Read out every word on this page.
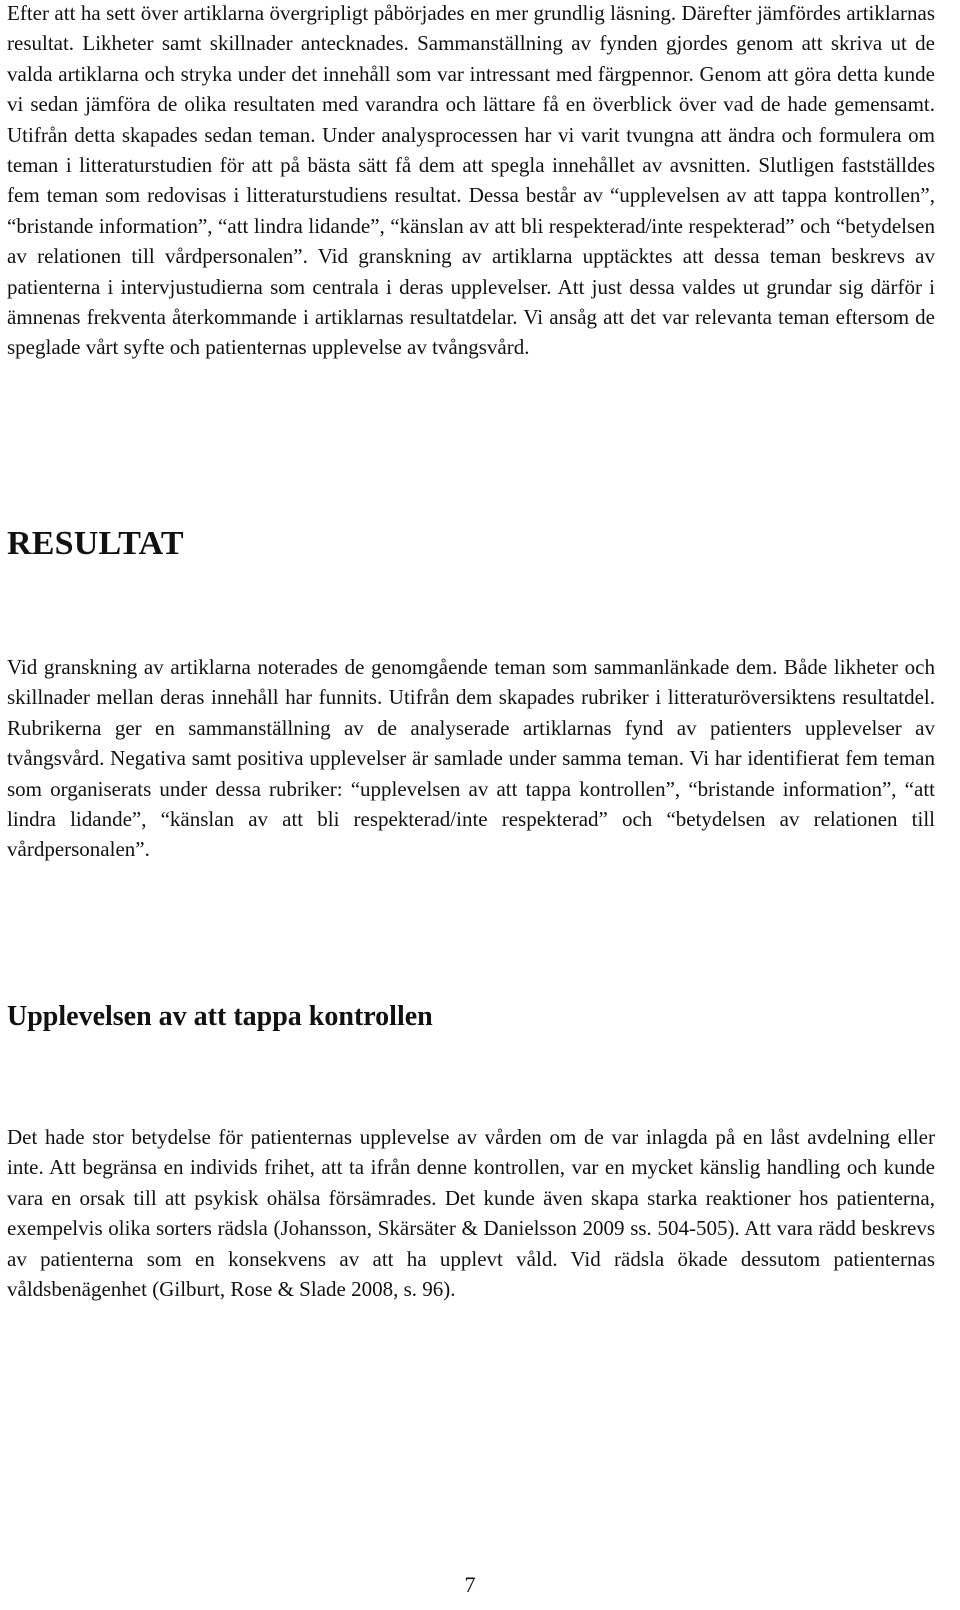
Efter att ha sett över artiklarna övergripligt påbörjades en mer grundlig läsning. Därefter jämfördes artiklarnas resultat. Likheter samt skillnader antecknades. Sammanställning av fynden gjordes genom att skriva ut de valda artiklarna och stryka under det innehåll som var intressant med färgpennor. Genom att göra detta kunde vi sedan jämföra de olika resultaten med varandra och lättare få en överblick över vad de hade gemensamt. Utifrån detta skapades sedan teman. Under analysprocessen har vi varit tvungna att ändra och formulera om teman i litteraturstudien för att på bästa sätt få dem att spegla innehållet av avsnitten. Slutligen fastställdes fem teman som redovisas i litteraturstudiens resultat. Dessa består av “upplevelsen av att tappa kontrollen”, “bristande information”, “att lindra lidande”, “känslan av att bli respekterad/inte respekterad” och “betydelsen av relationen till vårdpersonalen”. Vid granskning av artiklarna upptäcktes att dessa teman beskrevs av patienterna i intervjustudierna som centrala i deras upplevelser. Att just dessa valdes ut grundar sig därför i ämnenas frekventa återkommande i artiklarnas resultatdelar. Vi ansåg att det var relevanta teman eftersom de speglade vårt syfte och patienternas upplevelse av tvångsvård.

RESULTAT

Vid granskning av artiklarna noterades de genomgående teman som sammanlänkade dem. Både likheter och skillnader mellan deras innehåll har funnits. Utifrån dem skapades rubriker i litteraturöversiktens resultatdel. Rubrikerna ger en sammanställning av de analyserade artiklarnas fynd av patienters upplevelser av tvångsvård. Negativa samt positiva upplevelser är samlade under samma teman. Vi har identifierat fem teman som organiserats under dessa rubriker: “upplevelsen av att tappa kontrollen”, “bristande information”, “att lindra lidande”, “känslan av att bli respekterad/inte respekterad” och “betydelsen av relationen till vårdpersonalen”.

Upplevelsen av att tappa kontrollen

Det hade stor betydelse för patienternas upplevelse av vården om de var inlagda på en låst avdelning eller inte. Att begränsa en individs frihet, att ta ifrån denne kontrollen, var en mycket känslig handling och kunde vara en orsak till att psykisk ohälsa försämrades. Det kunde även skapa starka reaktioner hos patienterna, exempelvis olika sorters rädsla (Johansson, Skärsäter & Danielsson 2009 ss. 504-505). Att vara rädd beskrevs av patienterna som en konsekvens av att ha upplevt våld. Vid rädsla ökade dessutom patienternas våldsbenägenhet (Gilburt, Rose & Slade 2008, s. 96).

7
